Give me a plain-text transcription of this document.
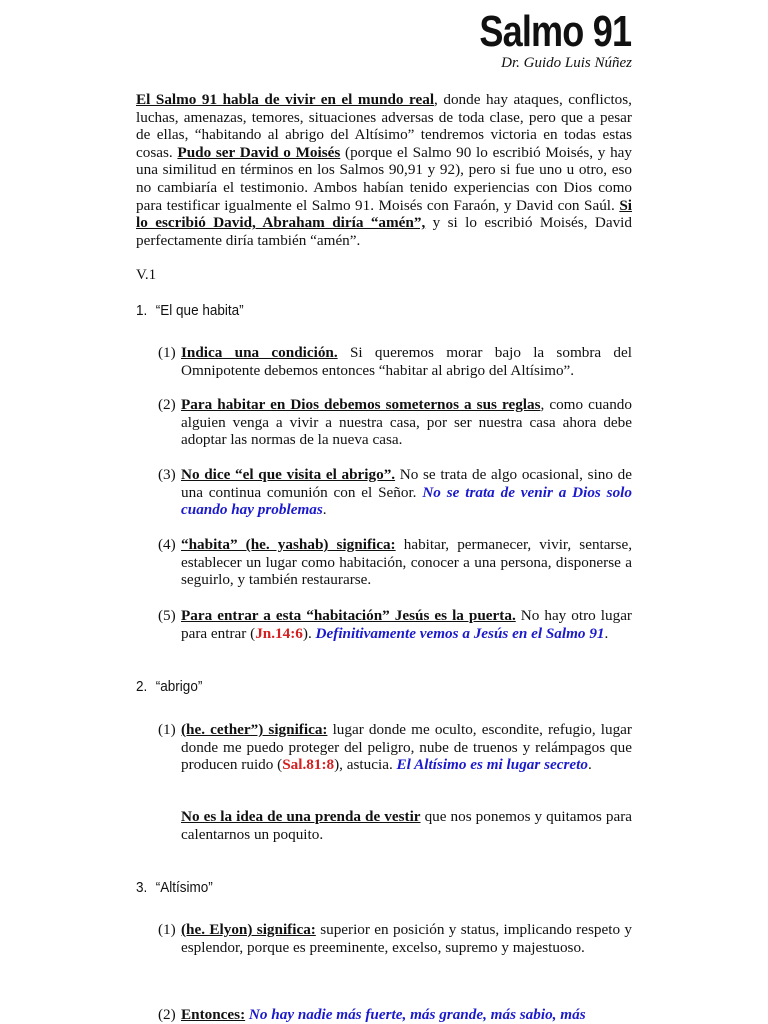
Salmo 91
Dr. Guido Luis Núñez

El Salmo 91 habla de vivir en el mundo real, donde hay ataques, conflictos, luchas, amenazas, temores, situaciones adversas de toda clase, pero que a pesar de ellas, “habitando al abrigo del Altísimo” tendremos victoria en todas estas cosas. Pudo ser David o Moisés (porque el Salmo 90 lo escribió Moisés, y hay una similitud en términos en los Salmos 90,91 y 92), pero si fue uno u otro, eso no cambiaría el testimonio. Ambos habían tenido experiencias con Dios como para testificar igualmente el Salmo 91. Moisés con Faraón, y David con Saúl. Si lo escribió David, Abraham diría “amén”, y si lo escribió Moisés, David perfectamente diría también “amén”.

V.1
1. “El que habita”
(1) Indica una condición. Si queremos morar bajo la sombra del Omnipotente debemos entonces “habitar al abrigo del Altísimo”.
(2) Para habitar en Dios debemos someternos a sus reglas, como cuando alguien venga a vivir a nuestra casa, por ser nuestra casa ahora debe adoptar las normas de la nueva casa.
(3) No dice “el que visita el abrigo”. No se trata de algo ocasional, sino de una continua comunión con el Señor. No se trata de venir a Dios solo cuando hay problemas.
(4) “habita” (he. yashab) significa: habitar, permanecer, vivir, sentarse, establecer un lugar como habitación, conocer a una persona, disponerse a seguirlo, y también restaurarse.
(5) Para entrar a esta “habitación” Jesús es la puerta. No hay otro lugar para entrar (Jn.14:6). Definitivamente vemos a Jesús en el Salmo 91.
2. “abrigo”
(1) (he. cether”) significa: lugar donde me oculto, escondite, refugio, lugar donde me puedo proteger del peligro, nube de truenos y relámpagos que producen ruido (Sal.81:8), astucia. El Altísimo es mi lugar secreto.
No es la idea de una prenda de vestir que nos ponemos y quitamos para calentarnos un poquito.
3. “Altísimo”
(1) (he. Elyon) significa: superior en posición y status, implicando respeto y esplendor, porque es preeminente, excelso, supremo y majestuoso.
(2) Entonces: No hay nadie más fuerte, más grande, más sabio, más
